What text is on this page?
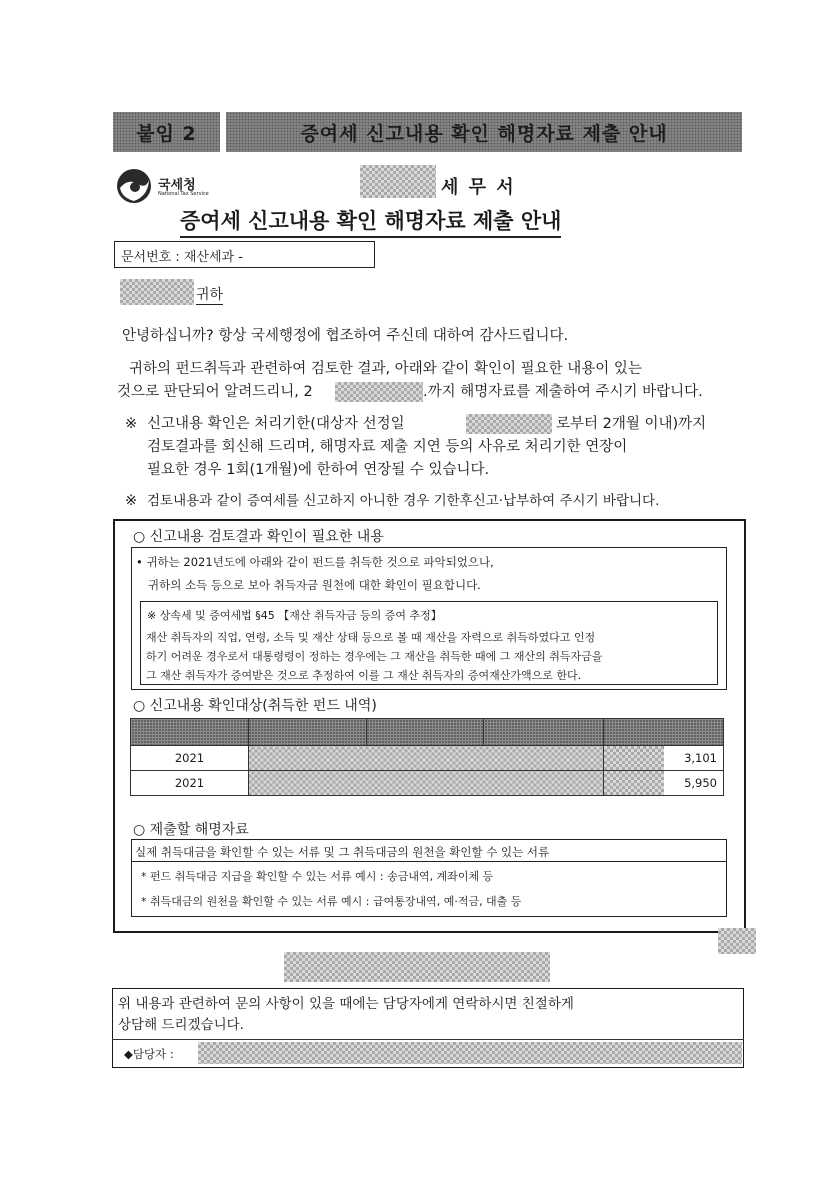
붙임 2	증여세 신고내용 확인 해명자료 제출 안내
국세청
National Tax Service	세 무 서
증여세 신고내용 확인 해명자료 제출 안내
문서번호 : 재산세과 -
귀하
안녕하십니까? 항상 국세행정에 협조하여 주신데 대하여 감사드립니다.
귀하의 펀드취득과 관련하여 검토한 결과, 아래와 같이 확인이 필요한 내용이 있는
것으로 판단되어 알려드리니, 2	.까지 해명자료를 제출하여 주시기 바랍니다.
※ 신고내용 확인은 처리기한(대상자 선정일	로부터 2개월 이내)까지
검토결과를 회신해 드리며, 해명자료 제출 지연 등의 사유로 처리기한 연장이
필요한 경우 1회(1개월)에 한하여 연장될 수 있습니다.
※ 검토내용과 같이 증여세를 신고하지 아니한 경우 기한후신고·납부하여 주시기 바랍니다.
○ 신고내용 검토결과 확인이 필요한 내용
• 귀하는 2021년도에 아래와 같이 펀드를 취득한 것으로 파악되었으나,
귀하의 소득 등으로 보아 취득자금 원천에 대한 확인이 필요합니다.
※ 상속세 및 증여세법 §45 【재산 취득자금 등의 증여 추정】
재산 취득자의 직업, 연령, 소득 및 재산 상태 등으로 볼 때 재산을 자력으로 취득하였다고 인정
하기 어려운 경우로서 대통령령이 정하는 경우에는 그 재산을 취득한 때에 그 재산의 취득자금을
그 재산 취득자가 증여받은 것으로 추정하여 이를 그 재산 취득자의 증여재산가액으로 한다.
○ 신고내용 확인대상(취득한 펀드 내역)

2021				3,101
2021				5,950
○ 제출할 해명자료
실제 취득대금을 확인할 수 있는 서류 및 그 취득대금의 원천을 확인할 수 있는 서류
* 펀드 취득대금 지급을 확인할 수 있는 서류 예시 : 송금내역, 계좌이체 등
* 취득대금의 원천을 확인할 수 있는 서류 예시 : 급여통장내역, 예·적금, 대출 등
위 내용과 관련하여 문의 사항이 있을 때에는 담당자에게 연락하시면 친절하게
상담해 드리겠습니다.
◆담당자 :
